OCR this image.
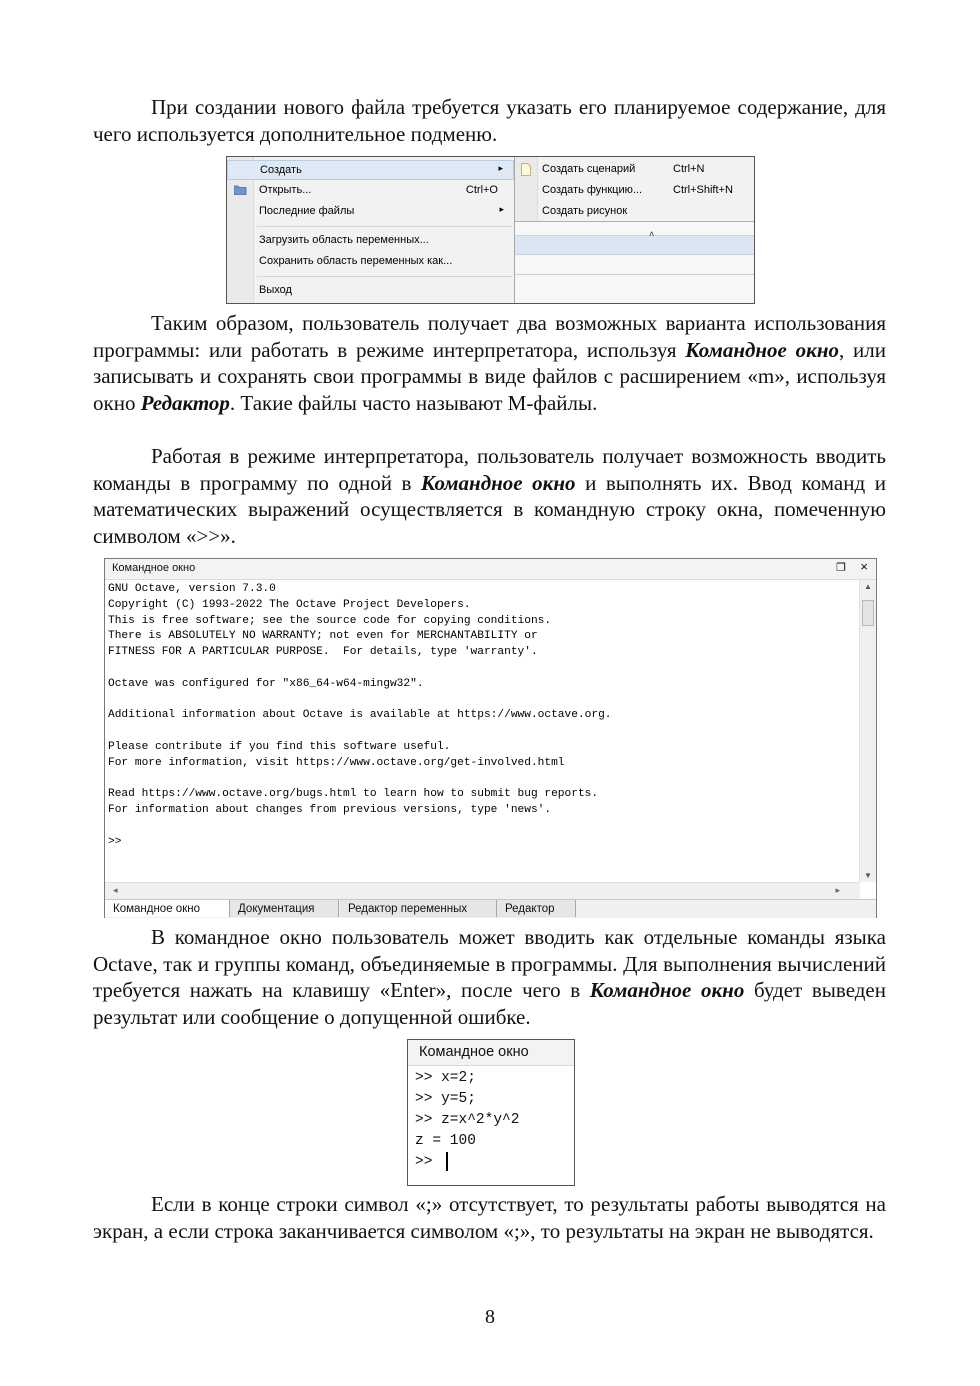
При создании нового файла требуется указать его планируемое содержание, для чего используется дополнительное подменю.

˄
Создать	▸
Открыть...	Ctrl+O
Последние файлы	▸
Загрузить область переменных...
Сохранить область переменных как...
Выход
Создать сценарий	Ctrl+N
Создать функцию...	Ctrl+Shift+N
Создать рисунок

Таким образом, пользователь получает два возможных варианта использования программы: или работать в режиме интерпретатора, используя Командное окно, или записывать и сохранять свои программы в виде файлов с расширением «m», используя окно Редактор. Такие файлы часто называют M-файлы.

Работая в режиме интерпретатора, пользователь получает возможность вводить команды в программу по одной в Командное окно и выполнять их. Ввод команд и математических выражений осуществляется в командную строку окна, помеченную символом «>>».

Командное окно	❐ ×
GNU Octave, version 7.3.0
Copyright (C) 1993-2022 The Octave Project Developers.
This is free software; see the source code for copying conditions.
There is ABSOLUTELY NO WARRANTY; not even for MERCHANTABILITY or
FITNESS FOR A PARTICULAR PURPOSE.  For details, type 'warranty'.

Octave was configured for "x86_64-w64-mingw32".

Additional information about Octave is available at https://www.octave.org.

Please contribute if you find this software useful.
For more information, visit https://www.octave.org/get-involved.html

Read https://www.octave.org/bugs.html to learn how to submit bug reports.
For information about changes from previous versions, type 'news'.

>>
▲
▼
◂	▸
Командное окно	Документация	Редактор переменных	Редактор

В командное окно пользователь может вводить как отдельные команды языка Octave, так и группы команд, объединяемые в программы. Для выполнения вычислений требуется нажать на клавишу «Enter», после чего в Командное окно будет выведен результат или сообщение о допущенной ошибке.

Командное окно
>> x=2;
>> y=5;
>> z=x^2*y^2
z = 100
>>

Если в конце строки символ «;» отсутствует, то результаты работы выводятся на экран, а если строка заканчивается символом «;», то результаты на экран не выводятся.

8
